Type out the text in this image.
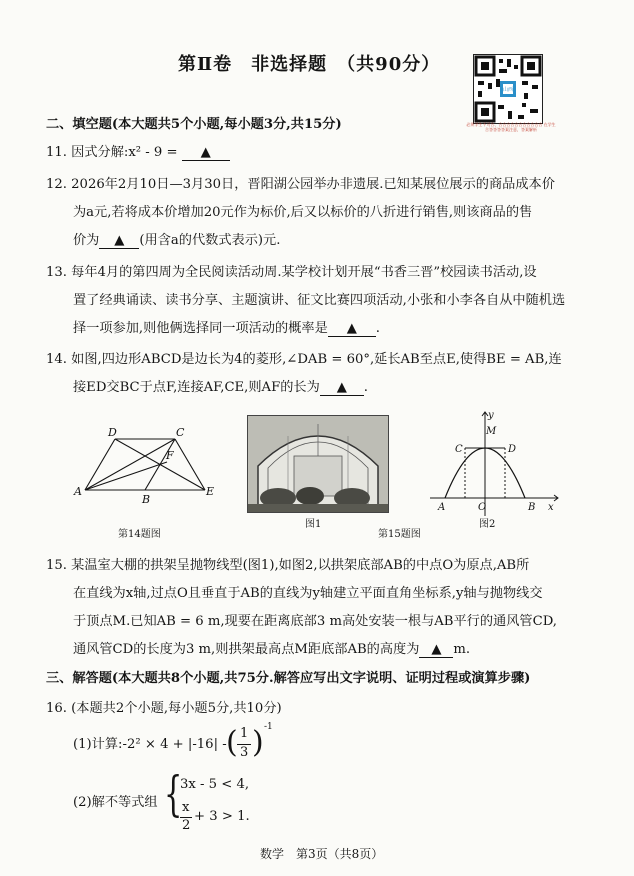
第Ⅱ卷　非选择题　（共90分）
山西
必须学生不可合、合合合合合合合合合合合 在学生合答答答答案注意，答案解析
二、填空题(本大题共5个小题,每小题3分,共15分)
11. 因式分解:x² - 9 = ▲
12. 2026年2月10日—3月30日，晋阳湖公园举办非遗展.已知某展位展示的商品成本价
为a元,若将成本价增加20元作为标价,后又以标价的八折进行销售,则该商品的售
价为 ▲ (用含a的代数式表示)元.
13. 每年4月的第四周为全民阅读活动周.某学校计划开展“书香三晋”校园读书活动,设
置了经典诵读、读书分享、主题演讲、征文比赛四项活动,小张和小李各自从中随机选
择一项参加,则他俩选择同一项活动的概率是 ▲ .
14. 如图,四边形ABCD是边长为4的菱形,∠DAB = 60°,延长AB至点E,使得BE = AB,连
接ED交BC于点F,连接AF,CE,则AF的长为 ▲ .
D	C
F
A
B
E
第14题图
图1
第15题图
y
M
C	D
A	O	B x
图2
15. 某温室大棚的拱架呈抛物线型(图1),如图2,以拱架底部AB的中点O为原点,AB所
在直线为x轴,过点O且垂直于AB的直线为y轴建立平面直角坐标系,y轴与抛物线交
于顶点M.已知AB = 6 m,现要在距离底部3 m高处安装一根与AB平行的通风管CD,
通风管CD的长度为3 m,则拱架最高点M距底部AB的高度为 ▲ m.
三、解答题(本大题共8个小题,共75分.解答应写出文字说明、证明过程或演算步骤)
16. (本题共2个小题,每小题5分,共10分)
(1)计算:-2² × 4 + |-16| - ( 1
3 ) -1
(2)解不等式组 {
3x - 5 < 4,
x
2
+ 3 > 1.
数学　第3页（共8页）
